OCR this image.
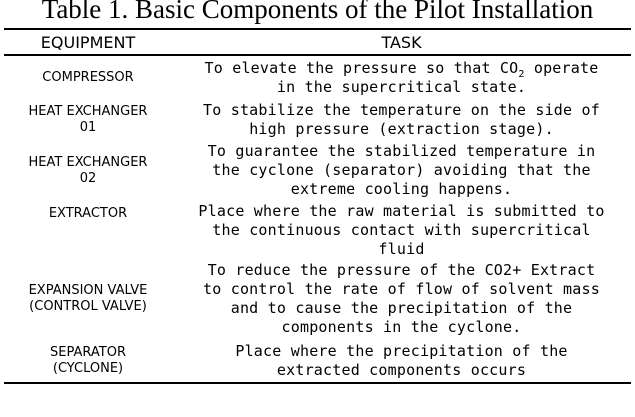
Table 1. Basic Components of the Pilot Installation
EQUIPMENT	TASK

COMPRESSOR	To elevate the pressure so that $CO_2$ operate
in the supercritical state.

HEAT EXCHANGER
01	To stabilize the temperature on the side of
high pressure (extraction stage).

HEAT EXCHANGER
02	To guarantee the stabilized temperature in
the cyclone (separator) avoiding that the
extreme cooling happens.

EXTRACTOR	Place where the raw material is submitted to
the continuous contact with supercritical
fluid

EXPANSION VALVE
(CONTROL VALVE)	To reduce the pressure of the CO2+ Extract
to control the rate of flow of solvent mass
and to cause the precipitation of the
components in the cyclone.

SEPARATOR
(CYCLONE)	Place where the precipitation of the
extracted components occurs
